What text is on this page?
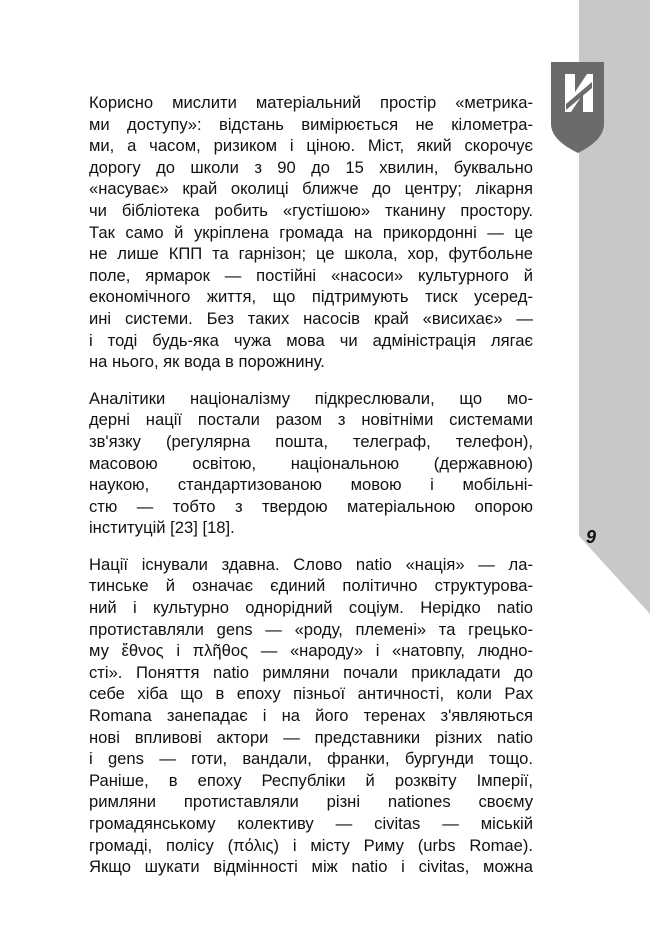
Корисно мислити матеріальний простір «метрика-
ми доступу»: відстань вимірюється не кілометра-
ми, а часом, ризиком і ціною. Міст, який скорочує
дорогу до школи з 90 до 15 хвилин, буквально
«насуває» край околиці ближче до центру; лікарня
чи бібліотека робить «густішою» тканину простору.
Так само й укріплена громада на прикордонні — це
не лише КПП та гарнізон; це школа, хор, футбольне
поле, ярмарок — постійні «насоси» культурного й
економічного життя, що підтримують тиск усеред-
ині системи. Без таких насосів край «висихає» —
і тоді будь-яка чужа мова чи адміністрація лягає
на нього, як вода в порожнину.
Аналітики націоналізму підкреслювали, що мо-
дерні нації постали разом з новітніми системами
зв'язку (регулярна пошта, телеграф, телефон),
масовою освітою, національною (державною)
наукою, стандартизованою мовою і мобільні-
стю — тобто з твердою матеріальною опорою
інституцій [23] [18].
Нації існували здавна. Слово natio «нація» — ла-
тинське й означає єдиний політично структурова-
ний і культурно однорідний соціум. Нерідко natio
протиставляли gens — «роду, племені» та грецько-
му ἔθνος і πλῆθος — «народу» і «натовпу, людно-
сті». Поняття natio римляни почали прикладати до
себе хіба що в епоху пізньої античності, коли Pax
Romana занепадає і на його теренах з'являються
нові впливові актори — представники різних natio
і gens — готи, вандали, франки, бургунди тощо.
Раніше, в епоху Республіки й розквіту Імперії,
римляни протиставляли різні nationes своєму
громадянському колективу — civitas — міській
громаді, полісу (πόλις) і місту Риму (urbs Romae).
Якщо шукати відмінності між natio і civitas, можна
9
